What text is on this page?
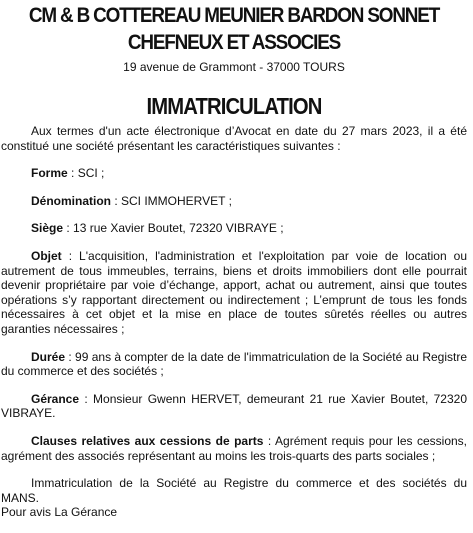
CM & B COTTEREAU MEUNIER BARDON SONNET
CHEFNEUX ET ASSOCIES
19 avenue de Grammont - 37000 TOURS
IMMATRICULATION

Aux termes d'un acte électronique d’Avocat en date du 27 mars 2023, il a été constitué une société présentant les caractéristiques suivantes :

Forme : SCI ;

Dénomination : SCI IMMOHERVET ;

Siège : 13 rue Xavier Boutet, 72320 VIBRAYE ;

Objet : L'acquisition, l'administration et l'exploitation par voie de location ou autrement de tous immeubles, terrains, biens et droits immobiliers dont elle pourrait devenir propriétaire par voie d’échange, apport, achat ou autrement, ainsi que toutes opérations s’y rapportant directement ou indirectement ; L’emprunt de tous les fonds nécessaires à cet objet et la mise en place de toutes sûretés réelles ou autres garanties nécessaires ;

Durée : 99 ans à compter de la date de l'immatriculation de la Société au Registre du commerce et des sociétés ;

Gérance : Monsieur Gwenn HERVET, demeurant 21 rue Xavier Boutet, 72320 VIBRAYE.

Clauses relatives aux cessions de parts : Agrément requis pour les cessions, agrément des associés représentant au moins les trois-quarts des parts sociales ;

Immatriculation de la Société au Registre du commerce et des sociétés du MANS.

Pour avis La Gérance
